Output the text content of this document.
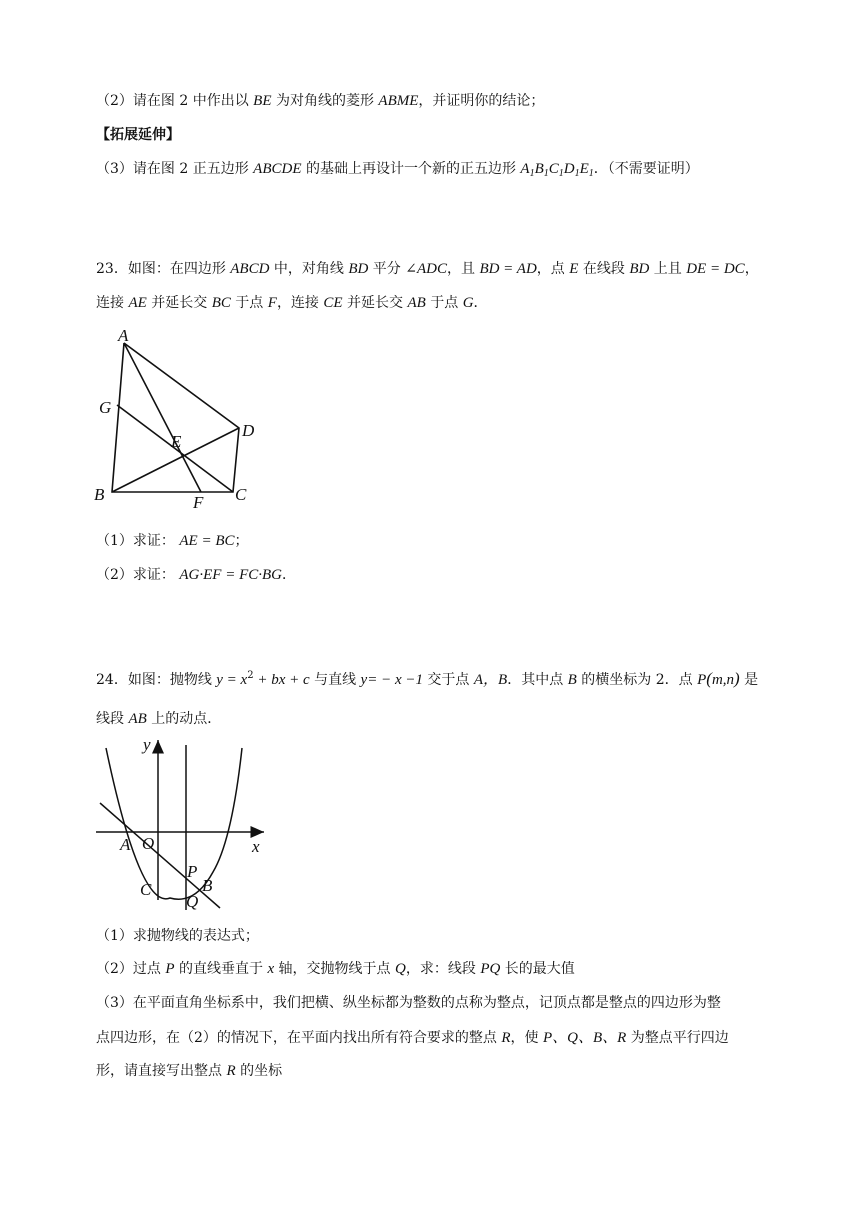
（2）请在图 2 中作出以 BE 为对角线的菱形 ABME，并证明你的结论；
【拓展延伸】
（3）请在图 2 正五边形 ABCDE 的基础上再设计一个新的正五边形 $A_1B_1C_1D_1E_1$．（不需要证明）
23．如图：在四边形 ABCD 中，对角线 BD 平分 ∠ADC，且 BD = AD，点 E 在线段 BD 上且 DE = DC，
连接 AE 并延长交 BC 于点 F，连接 CE 并延长交 AB 于点 G．
A
G
E
D
B	F C
（1）求证： AE = BC；
（2）求证： AG·EF = FC·BG．
24．如图：抛物线 $y = x^2$ + bx + c 与直线 y= − x −1 交于点 A，B．其中点 B 的横坐标为 2．点 P(m,n) 是
线段 AB 上的动点．
y
x
A O
P
B
C
Q
（1）求抛物线的表达式；
（2）过点 P 的直线垂直于 x 轴，交抛物线于点 Q，求：线段 PQ 长的最大值
（3）在平面直角坐标系中，我们把横、纵坐标都为整数的点称为整点，记顶点都是整点的四边形为整
点四边形，在（2）的情况下，在平面内找出所有符合要求的整点 R，使 P、Q、B、R 为整点平行四边
形，请直接写出整点 R 的坐标
